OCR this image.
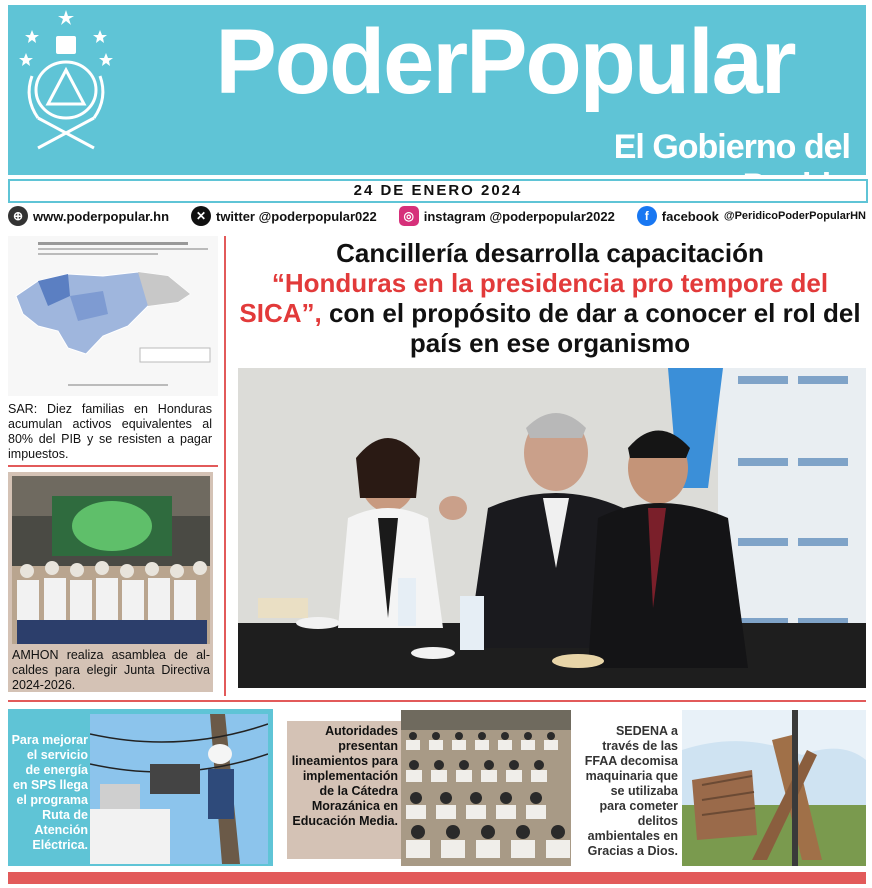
PoderPopular
El Gobierno del Pueblo
24 DE ENERO 2024
⊕ www.poderpopular.hn	✕ twitter @poderpopular022	◎ instagram @poderpopular2022	f	facebook @PeridicoPoderPopularHN
SAR: Diez familias en Honduras acumulan activos equivalentes al 80% del PIB y se resisten a pagar impuestos.
AMHON realiza asamblea de al-caldes para elegir Junta Directiva 2024-2026.
Cancillería desarrolla capacitación
“Honduras en la presidencia pro tempore del SICA”, con el propósito de dar a conocer el rol del país en ese organismo
Para mejorar el servicio de energía en SPS llega el programa Ruta de Atención Eléctrica.
Autoridades presentan lineamientos para implementación de la Cátedra Morazánica en Educación Media.
SEDENA a través de las FFAA decomisa maquinaria que se utilizaba para cometer delitos ambientales en Gracias a Dios.
